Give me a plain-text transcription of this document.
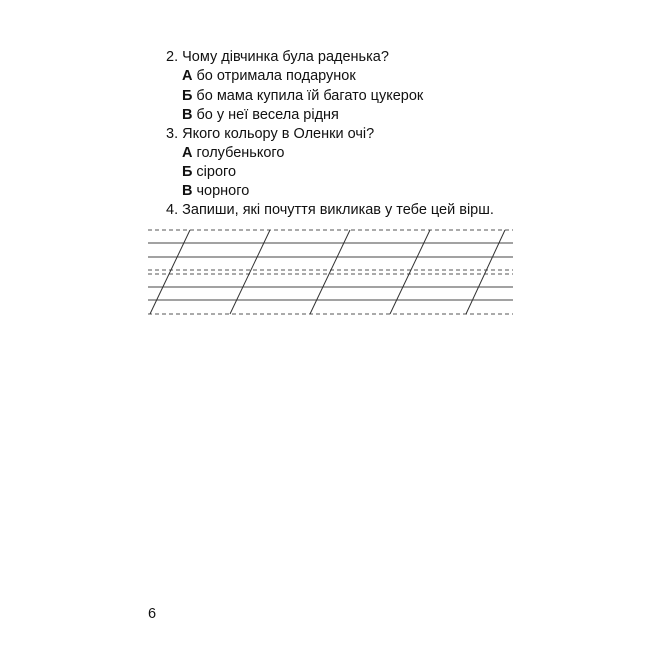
2. Чому дівчинка була раденька?
А бо отримала подарунок
Б бо мама купила їй багато цукерок
В бо у неї весела рідня
3. Якого кольору в Оленки очі?
А голубенького
Б сірого
В чорного
4. Запиши, які почуття викликав у тебе цей вірш.
6
